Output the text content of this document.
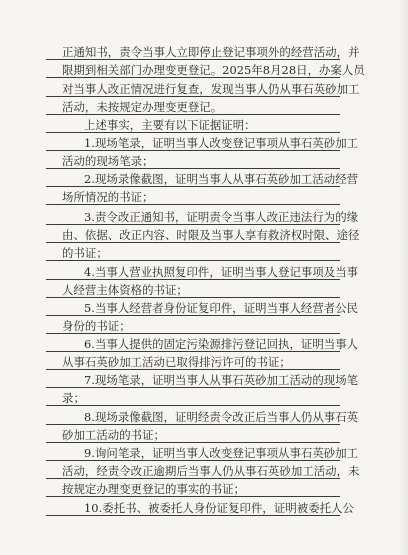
正通知书，责令当事人立即停止登记事项外的经营活动，并
限期到相关部门办理变更登记。2025年8月28日，办案人员
对当事人改正情况进行复查，发现当事人仍从事石英砂加工
活动，未按规定办理变更登记。
上述事实，主要有以下证据证明：
1.现场笔录，证明当事人改变登记事项从事石英砂加工
活动的现场笔录；
2.现场录像截图，证明当事人从事石英砂加工活动经营
场所情况的书证；
3.责令改正通知书，证明责令当事人改正违法行为的缘
由、依据、改正内容、时限及当事人享有救济权时限、途径
的书证；
4.当事人营业执照复印件，证明当事人登记事项及当事
人经营主体资格的书证；
5.当事人经营者身份证复印件，证明当事人经营者公民
身份的书证；
6.当事人提供的固定污染源排污登记回执，证明当事人
从事石英砂加工活动已取得排污许可的书证；
7.现场笔录，证明当事人从事石英砂加工活动的现场笔
录；
8.现场录像截图，证明经责令改正后当事人仍从事石英
砂加工活动的书证；
9.询问笔录，证明当事人改变登记事项从事石英砂加工
活动，经责令改正逾期后当事人仍从事石英砂加工活动，未
按规定办理变更登记的事实的书证；
10.委托书、被委托人身份证复印件，证明被委托人公
